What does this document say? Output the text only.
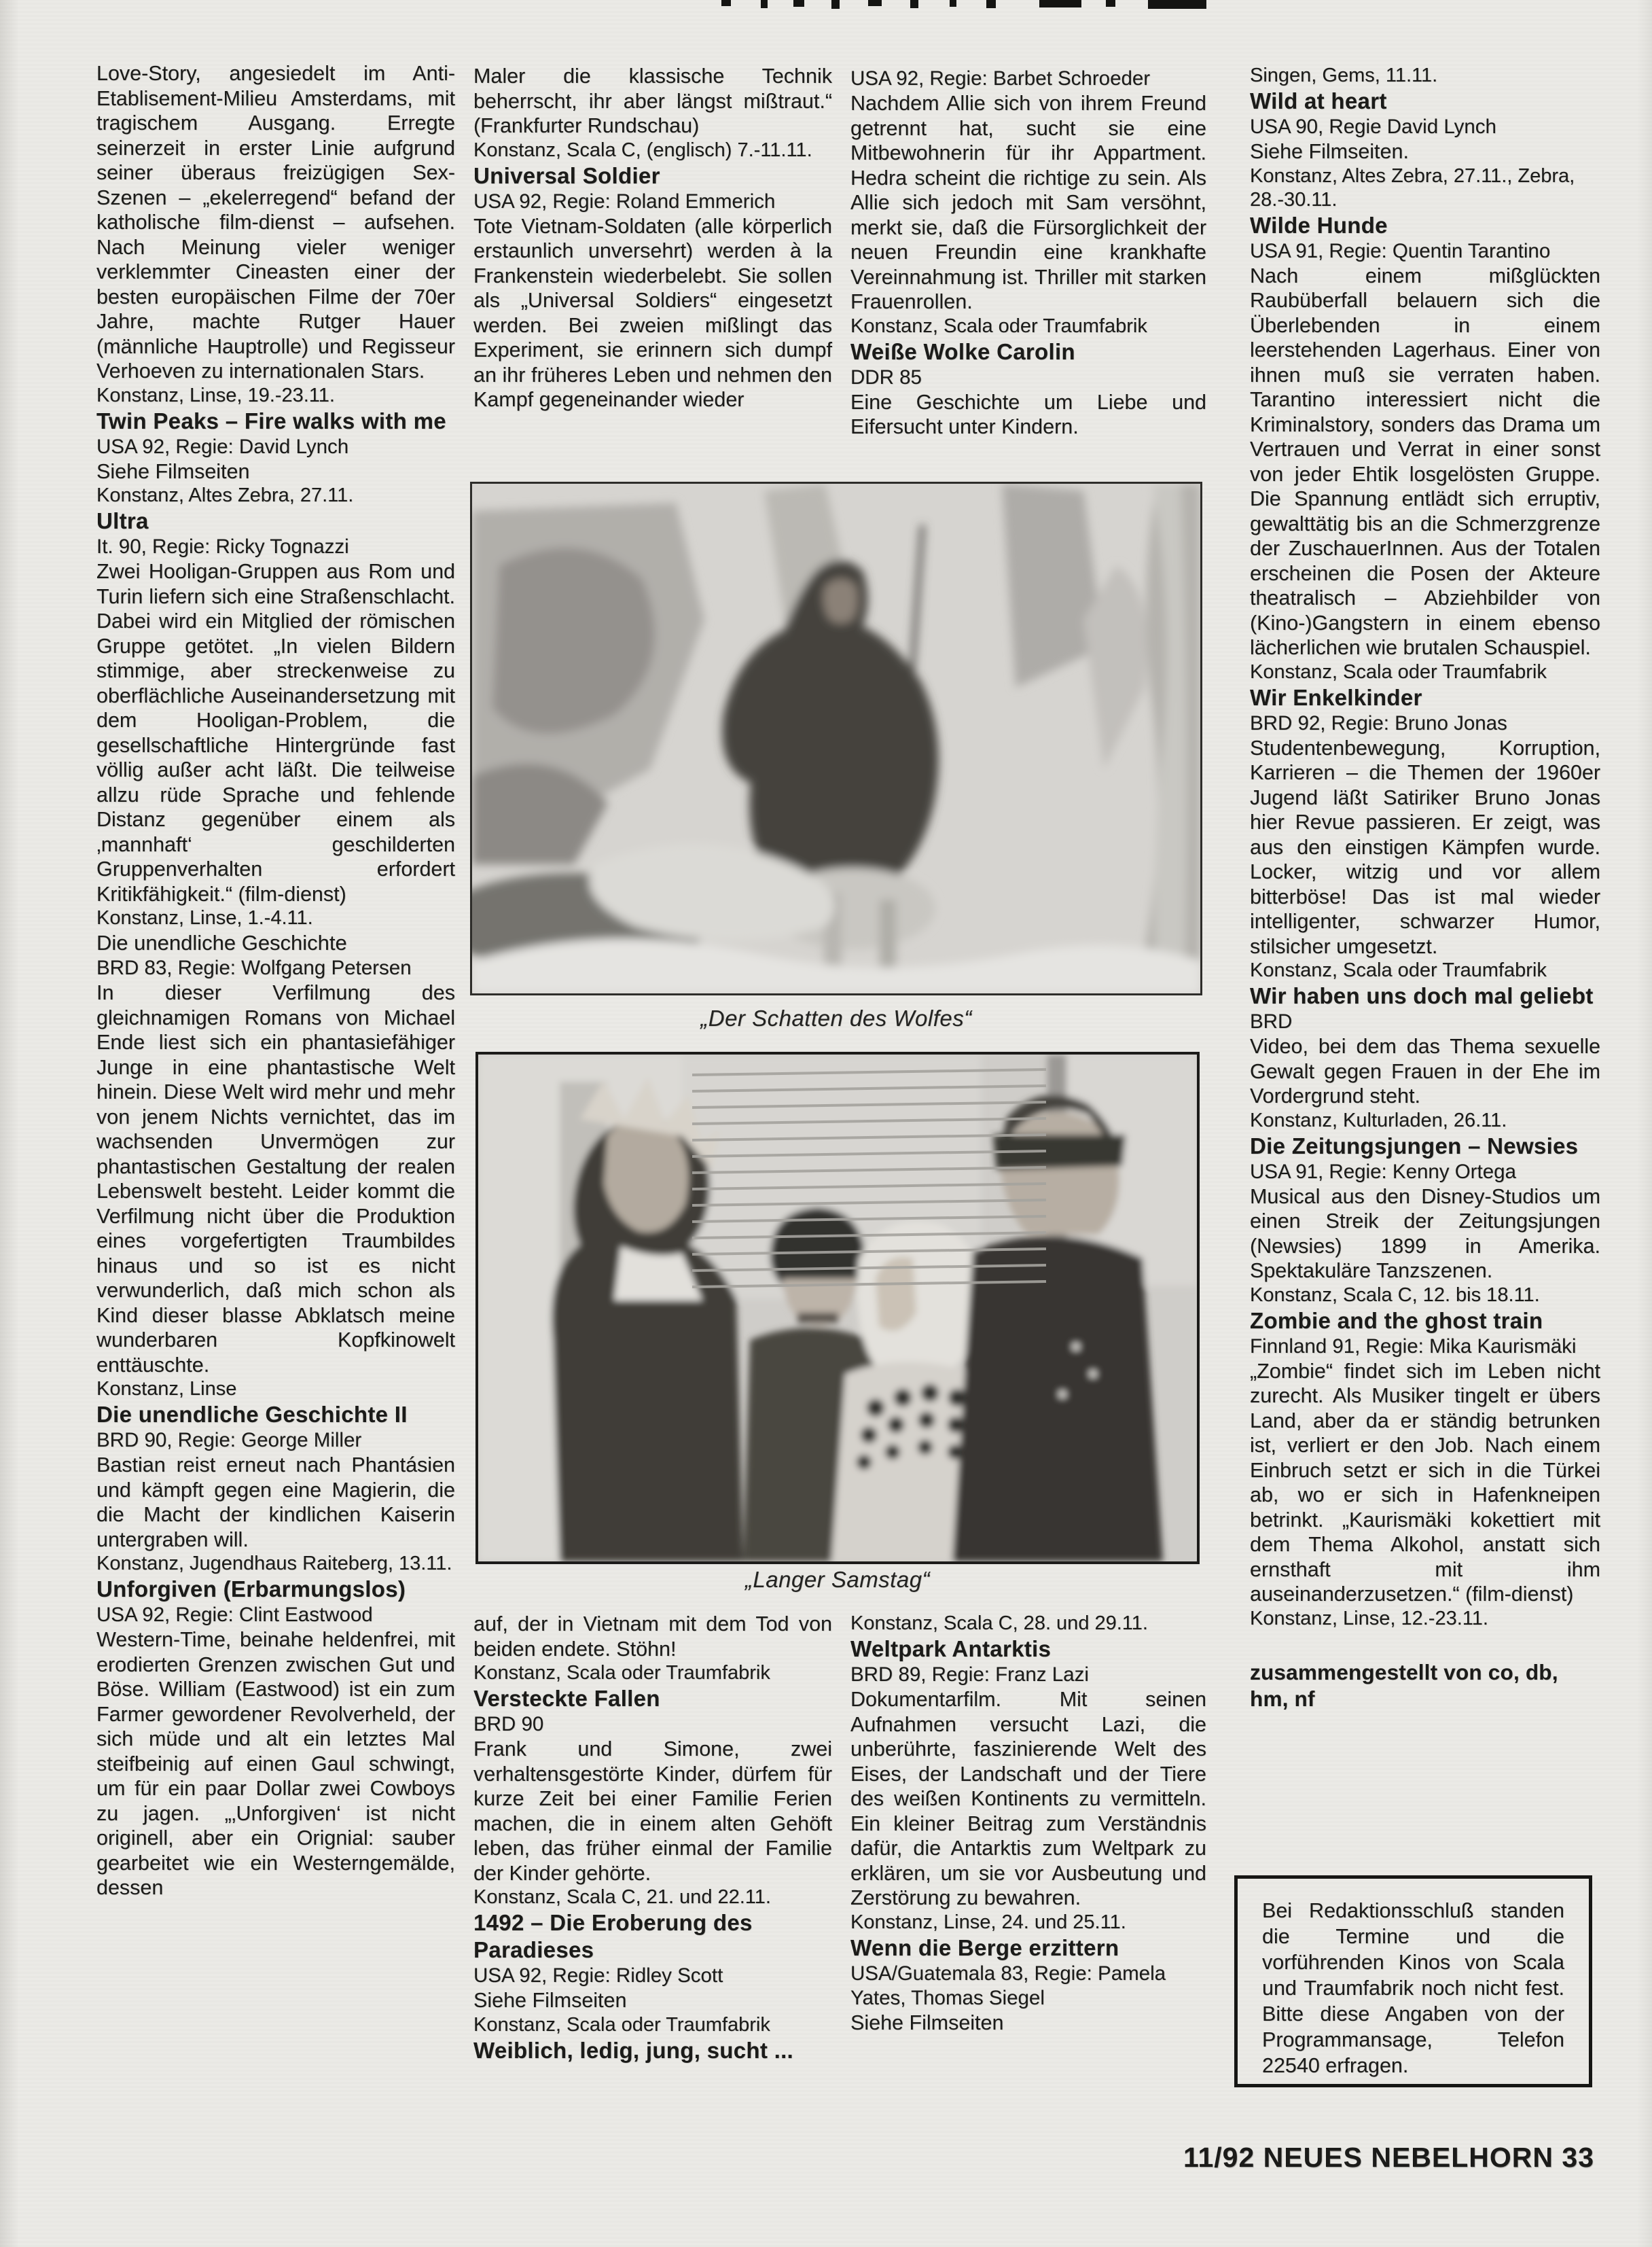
Love-Story, angesiedelt im Anti-Etablisement-Milieu Amsterdams, mit tragischem Ausgang. Erregte seinerzeit in erster Linie aufgrund seiner überaus freizügigen Sex-Szenen – „ekelerregend“ befand der katholische film-dienst – aufsehen. Nach Meinung vieler weniger verklemmter Cineasten einer der besten europäischen Filme der 70er Jahre, machte Rutger Hauer (männliche Hauptrolle) und Regisseur Verhoeven zu internationalen Stars.
Konstanz, Linse, 19.-23.11.
Twin Peaks – Fire walks with me
USA 92, Regie: David Lynch
Siehe Filmseiten
Konstanz, Altes Zebra, 27.11.
Ultra
It. 90, Regie: Ricky Tognazzi
Zwei Hooligan-Gruppen aus Rom und Turin liefern sich eine Straßenschlacht. Dabei wird ein Mitglied der römischen Gruppe getötet. „In vielen Bildern stimmige, aber streckenweise zu oberflächliche Auseinandersetzung mit dem Hooligan-Problem, die gesellschaftliche Hintergründe fast völlig außer acht läßt. Die teilweise allzu rüde Sprache und fehlende Distanz gegenüber einem als ‚mannhaft‘ geschilderten Gruppenverhalten erfordert Kritikfähigkeit.“ (film-dienst)
Konstanz, Linse, 1.-4.11.
Die unendliche Geschichte
BRD 83, Regie: Wolfgang Petersen
In dieser Verfilmung des gleichnamigen Romans von Michael Ende liest sich ein phantasiefähiger Junge in eine phantastische Welt hinein. Diese Welt wird mehr und mehr von jenem Nichts vernichtet, das im wachsenden Unvermögen zur phantastischen Gestaltung der realen Lebenswelt besteht. Leider kommt die Verfilmung nicht über die Produktion eines vorgefertigten Traumbildes hinaus und so ist es nicht verwunderlich, daß mich schon als Kind dieser blasse Abklatsch meine wunderbaren Kopfkinowelt enttäuschte.
Konstanz, Linse
Die unendliche Geschichte II
BRD 90, Regie: George Miller
Bastian reist erneut nach Phantásien und kämpft gegen eine Magierin, die die Macht der kindlichen Kaiserin untergraben will.
Konstanz, Jugendhaus Raiteberg, 13.11.
Unforgiven (Erbarmungslos)
USA 92, Regie: Clint Eastwood
Western-Time, beinahe heldenfrei, mit erodierten Grenzen zwischen Gut und Böse. William (Eastwood) ist ein zum Farmer gewordener Revolverheld, der sich müde und alt ein letztes Mal steifbeinig auf einen Gaul schwingt, um für ein paar Dollar zwei Cowboys zu jagen. „‚Unforgiven‘ ist nicht originell, aber ein Orignial: sauber gearbeitet wie ein Westerngemälde, dessen
Maler die klassische Technik beherrscht, ihr aber längst mißtraut.“ (Frankfurter Rundschau)
Konstanz, Scala C, (englisch) 7.-11.11.
Universal Soldier
USA 92, Regie: Roland Emmerich
Tote Vietnam-Soldaten (alle körperlich erstaunlich unversehrt) werden à la Frankenstein wiederbelebt. Sie sollen als „Universal Soldiers“ eingesetzt werden. Bei zweien mißlingt das Experiment, sie erinnern sich dumpf an ihr früheres Leben und nehmen den Kampf gegeneinander wieder
USA 92, Regie: Barbet Schroeder
Nachdem Allie sich von ihrem Freund getrennt hat, sucht sie eine Mitbewohnerin für ihr Appartment. Hedra scheint die richtige zu sein. Als Allie sich jedoch mit Sam versöhnt, merkt sie, daß die Fürsorglichkeit der neuen Freundin eine krankhafte Vereinnahmung ist. Thriller mit starken Frauenrollen.
Konstanz, Scala oder Traumfabrik
Weiße Wolke Carolin
DDR 85
Eine Geschichte um Liebe und Eifersucht unter Kindern.
Singen, Gems, 11.11.
Wild at heart
USA 90, Regie David Lynch
Siehe Filmseiten.
Konstanz, Altes Zebra, 27.11., Zebra, 28.-30.11.
Wilde Hunde
USA 91, Regie: Quentin Tarantino
Nach einem mißglückten Raubüberfall belauern sich die Überlebenden in einem leerstehenden Lagerhaus. Einer von ihnen muß sie verraten haben. Tarantino interessiert nicht die Kriminalstory, sonders das Drama um Vertrauen und Verrat in einer sonst von jeder Ehtik losgelösten Gruppe. Die Spannung entlädt sich erruptiv, gewalttätig bis an die Schmerzgrenze der ZuschauerInnen. Aus der Totalen erscheinen die Posen der Akteure theatralisch – Abziehbilder von (Kino-)Gangstern in einem ebenso lächerlichen wie brutalen Schauspiel.
Konstanz, Scala oder Traumfabrik
Wir Enkelkinder
BRD 92, Regie: Bruno Jonas
Studentenbewegung, Korruption, Karrieren – die Themen der 1960er Jugend läßt Satiriker Bruno Jonas hier Revue passieren. Er zeigt, was aus den einstigen Kämpfen wurde. Locker, witzig und vor allem bitterböse! Das ist mal wieder intelligenter, schwarzer Humor, stilsicher umgesetzt.
Konstanz, Scala oder Traumfabrik
Wir haben uns doch mal geliebt
BRD
Video, bei dem das Thema sexuelle Gewalt gegen Frauen in der Ehe im Vordergrund steht.
Konstanz, Kulturladen, 26.11.
Die Zeitungsjungen – Newsies
USA 91, Regie: Kenny Ortega
Musical aus den Disney-Studios um einen Streik der Zeitungsjungen (Newsies) 1899 in Amerika. Spektakuläre Tanzszenen.
Konstanz, Scala C, 12. bis 18.11.
Zombie and the ghost train
Finnland 91, Regie: Mika Kaurismäki
„Zombie“ findet sich im Leben nicht zurecht. Als Musiker tingelt er übers Land, aber da er ständig betrunken ist, verliert er den Job. Nach einem Einbruch setzt er sich in die Türkei ab, wo er sich in Hafenkneipen betrinkt. „Kaurismäki kokettiert mit dem Thema Alkohol, anstatt sich ernsthaft mit ihm auseinanderzusetzen.“ (film-dienst)
Konstanz, Linse, 12.-23.11.
zusammengestellt von co, db, hm, nf
auf, der in Vietnam mit dem Tod von beiden endete. Stöhn!
Konstanz, Scala oder Traumfabrik
Versteckte Fallen
BRD 90
Frank und Simone, zwei verhaltensgestörte Kinder, dürfem für kurze Zeit bei einer Familie Ferien machen, die in einem alten Gehöft leben, das früher einmal der Familie der Kinder gehörte.
Konstanz, Scala C, 21. und 22.11.
1492 – Die Eroberung des Paradieses
USA 92, Regie: Ridley Scott
Siehe Filmseiten
Konstanz, Scala oder Traumfabrik
Weiblich, ledig, jung, sucht ...
Konstanz, Scala C, 28. und 29.11.
Weltpark Antarktis
BRD 89, Regie: Franz Lazi
Dokumentarfilm. Mit seinen Aufnahmen versucht Lazi, die unberührte, faszinierende Welt des Eises, der Landschaft und der Tiere des weißen Kontinents zu vermitteln. Ein kleiner Beitrag zum Verständnis dafür, die Antarktis zum Weltpark zu erklären, um sie vor Ausbeutung und Zerstörung zu bewahren.
Konstanz, Linse, 24. und 25.11.
Wenn die Berge erzittern
USA/Guatemala 83, Regie: Pamela Yates, Thomas Siegel
Siehe Filmseiten
„Der Schatten des Wolfes“
„Langer Samstag“
Bei Redaktionsschluß standen die Termine und die vorführenden Kinos von Scala und Traumfabrik noch nicht fest. Bitte diese Angaben von der Programmansage, Telefon 22540 erfragen.
11/92 NEUES NEBELHORN 33
